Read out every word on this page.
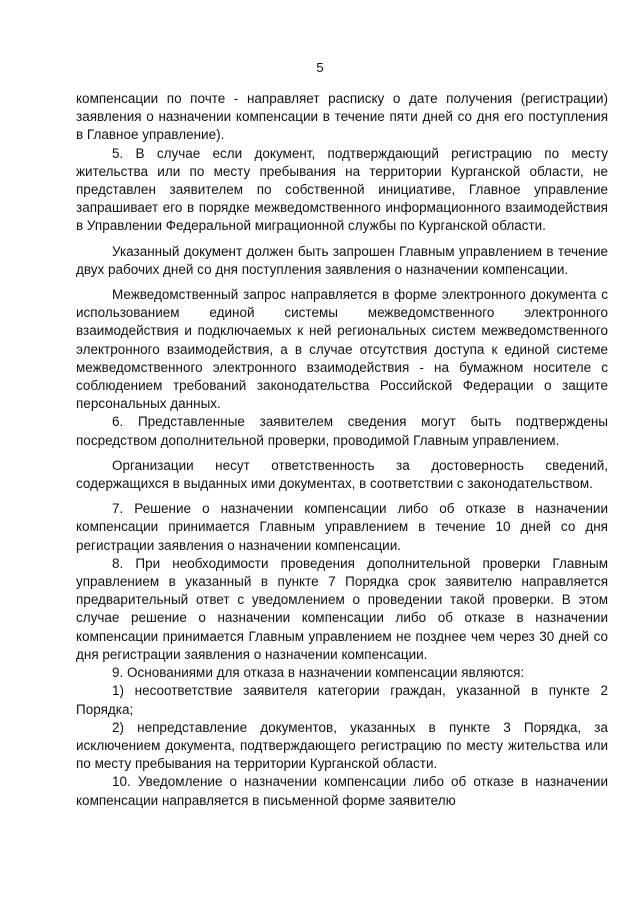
5

компенсации по почте - направляет расписку о дате получения (регистрации) заявления о назначении компенсации в течение пяти дней со дня его поступления в Главное управление).

5. В случае если документ, подтверждающий регистрацию по месту жительства или по месту пребывания на территории Курганской области, не представлен заявителем по собственной инициативе, Главное управление запрашивает его в порядке межведомственного информационного взаимодействия в Управлении Федеральной миграционной службы по Курганской области.

Указанный документ должен быть запрошен Главным управлением в течение двух рабочих дней со дня поступления заявления о назначении компенсации.

Межведомственный запрос направляется в форме электронного документа с использованием единой системы межведомственного электронного взаимодействия и подключаемых к ней региональных систем межведомственного электронного взаимодействия, а в случае отсутствия доступа к единой системе межведомственного электронного взаимодействия - на бумажном носителе с соблюдением требований законодательства Российской Федерации о защите персональных данных.

6. Представленные заявителем сведения могут быть подтверждены посредством дополнительной проверки, проводимой Главным управлением.

Организации несут ответственность за достоверность сведений, содержащихся в выданных ими документах, в соответствии с законодательством.

7. Решение о назначении компенсации либо об отказе в назначении компенсации принимается Главным управлением в течение 10 дней со дня регистрации заявления о назначении компенсации.

8. При необходимости проведения дополнительной проверки Главным управлением в указанный в пункте 7 Порядка срок заявителю направляется предварительный ответ с уведомлением о проведении такой проверки. В этом случае решение о назначении компенсации либо об отказе в назначении компенсации принимается Главным управлением не позднее чем через 30 дней со дня регистрации заявления о назначении компенсации.

9. Основаниями для отказа в назначении компенсации являются:

1) несоответствие заявителя категории граждан, указанной в пункте 2 Порядка;

2) непредставление документов, указанных в пункте 3 Порядка, за исключением документа, подтверждающего регистрацию по месту жительства или по месту пребывания на территории Курганской области.

10. Уведомление о назначении компенсации либо об отказе в назначении компенсации направляется в письменной форме заявителю
